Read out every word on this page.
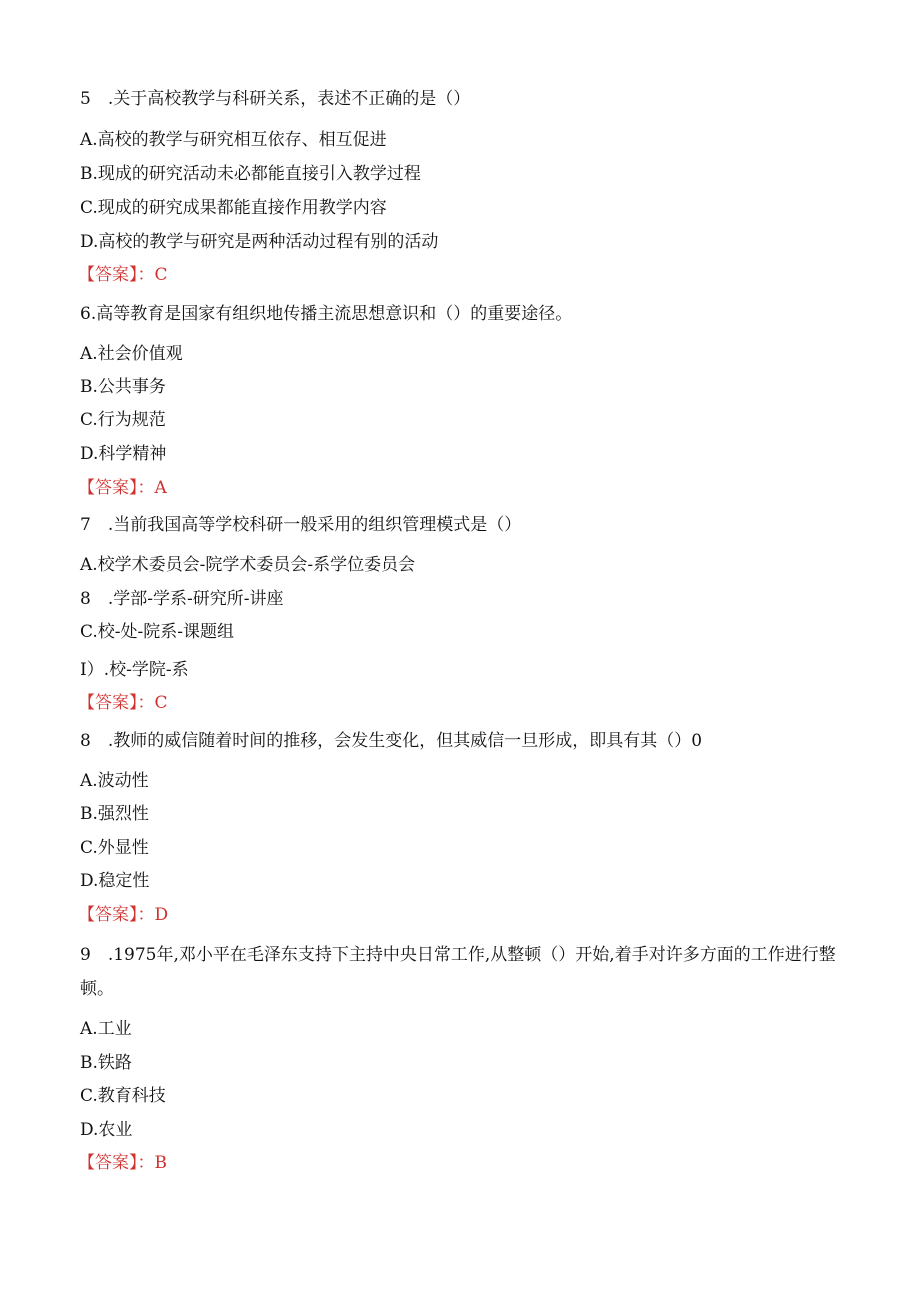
5　.关于高校教学与科研关系，表述不正确的是（）
A.高校的教学与研究相互依存、相互促进
B.现成的研究活动未必都能直接引入教学过程
C.现成的研究成果都能直接作用教学内容
D.高校的教学与研究是两种活动过程有别的活动
【答案】：C
6.高等教育是国家有组织地传播主流思想意识和（）的重要途径。
A.社会价值观
B.公共事务
C.行为规范
D.科学精神
【答案】：A
7　.当前我国高等学校科研一般采用的组织管理模式是（）
A.校学术委员会-院学术委员会-系学位委员会
8　.学部-学系-研究所-讲座
C.校-处-院系-课题组
I）.校-学院-系
【答案】：C
8　.教师的威信随着时间的推移，会发生变化，但其威信一旦形成，即具有其（）0
A.波动性
B.强烈性
C.外显性
D.稳定性
【答案】：D
9　.1975年,邓小平在毛泽东支持下主持中央日常工作,从整顿（）开始,着手对许多方面的工作进行整顿。
A.工业
B.铁路
C.教育科技
D.农业
【答案】：B
